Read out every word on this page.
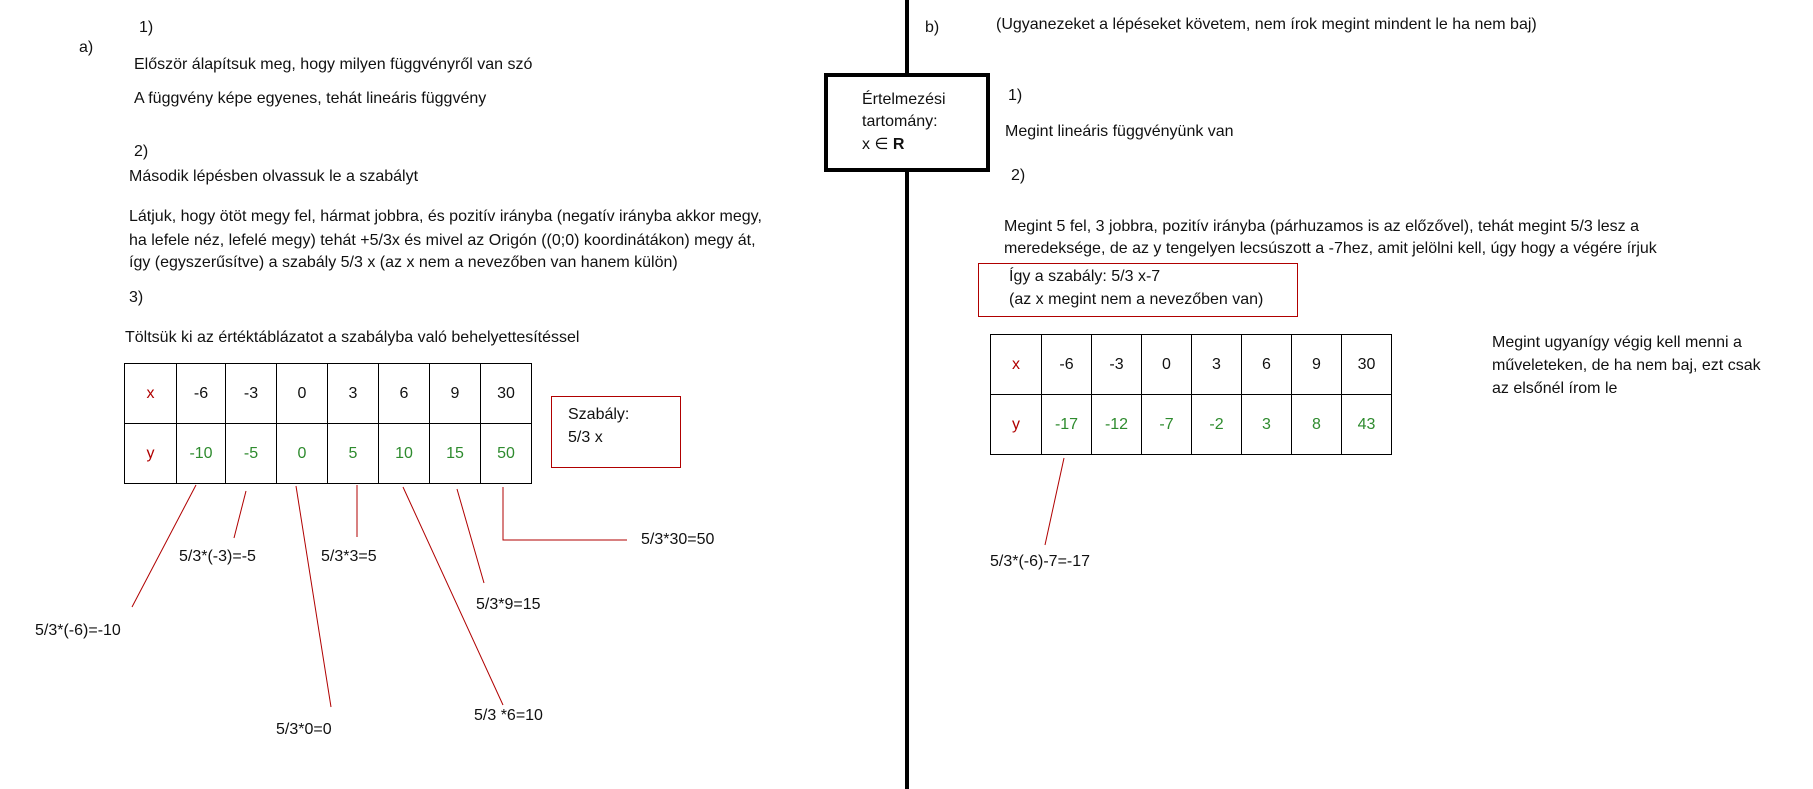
a)
1)
Először álapítsuk meg, hogy milyen függvényről van szó
A függvény képe egyenes, tehát lineáris függvény
2)
Második lépésben olvassuk le a szabályt
Látjuk, hogy ötöt megy fel, hármat jobbra, és pozitív irányba (negatív irányba akkor megy,
ha lefele néz, lefelé megy) tehát +5/3x és mivel az Origón ((0;0) koordinátákon) megy át,
így (egyszerűsítve) a szabály 5/3 x (az x nem a nevezőben van hanem külön)
3)
Töltsük ki az értéktáblázatot a szabályba való behelyettesítéssel
x	-6	-3	0	3	6	9	30
y	-10	-5	0	5	10	15	50
Szabály:
5/3 x
5/3*(-6)=-10
5/3*(-3)=-5
5/3*0=0
5/3*3=5
5/3 *6=10
5/3*9=15
5/3*30=50
Értelmezési
tartomány:
x ∈ R
b)	(Ugyanezeket a lépéseket követem, nem írok megint mindent le ha nem baj)
1)
Megint lineáris függvényünk van
2)
Megint 5 fel, 3 jobbra, pozitív irányba (párhuzamos is az előzővel), tehát megint 5/3 lesz a
meredeksége, de az y tengelyen lecsúszott a -7hez, amit jelölni kell, úgy hogy a végére írjuk
Így a szabály: 5/3 x-7
(az x megint nem a nevezőben van)
x	-6	-3	0	3	6	9	30
y	-17	-12	-7	-2	3	8	43
Megint ugyanígy végig kell menni a
műveleteken, de ha nem baj, ezt csak
az elsőnél írom le
5/3*(-6)-7=-17
